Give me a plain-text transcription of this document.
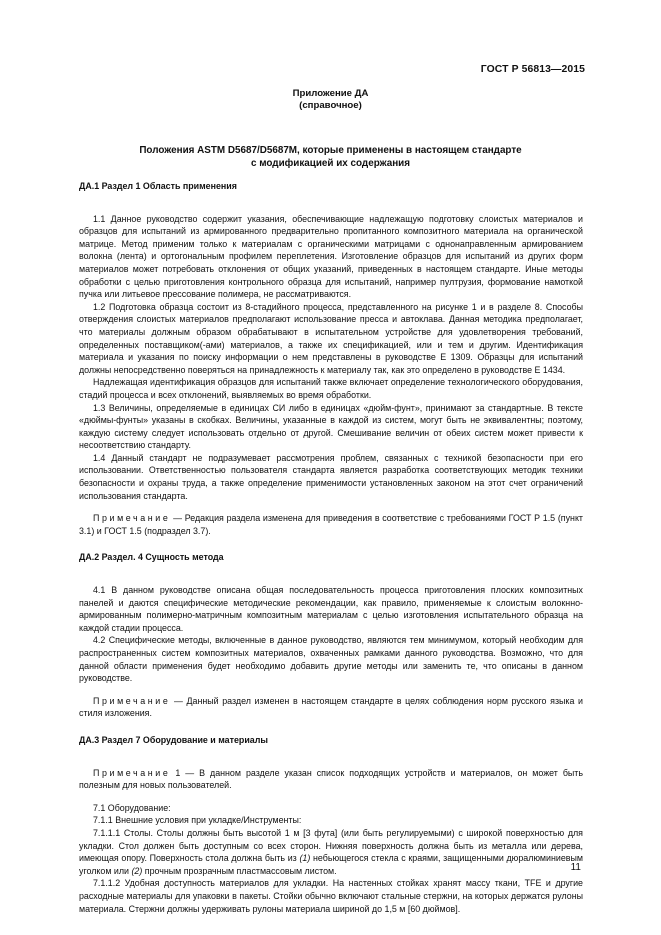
ГОСТ Р 56813—2015
Приложение ДА
(справочное)
Положения ASTM D5687/D5687M, которые применены в настоящем стандарте
с модификацией их содержания
ДА.1 Раздел 1 Область применения

1.1 Данное руководство содержит указания, обеспечивающие надлежащую подготовку слоистых материалов и образцов для испытаний из армированного предварительно пропитанного композитного материала на органической матрице. Метод применим только к материалам с органическими матрицами с однонаправленным армированием волокна (лента) и ортогональным профилем переплетения. Изготовление образцов для испытаний из других форм материалов может потребовать отклонения от общих указаний, приведенных в настоящем стандарте. Иные методы обработки с целью приготовления контрольного образца для испытаний, например пултрузия, формование намоткой пучка или литьевое прессование полимера, не рассматриваются.

1.2 Подготовка образца состоит из 8-стадийного процесса, представленного на рисунке 1 и в разделе 8. Способы отверждения слоистых материалов предполагают использование пресса и автоклава. Данная методика предполагает, что материалы должным образом обрабатывают в испытательном устройстве для удовлетворения требований, определенных поставщиком(-ами) материалов, а также их спецификацией, или и тем и другим. Идентификация материала и указания по поиску информации о нем представлены в руководстве E 1309. Образцы для испытаний должны непосредственно поверяться на принадлежность к материалу так, как это определено в руководстве E 1434.

Надлежащая идентификация образцов для испытаний также включает определение технологического оборудования, стадий процесса и всех отклонений, выявляемых во время обработки.

1.3 Величины, определяемые в единицах СИ либо в единицах «дюйм-фунт», принимают за стандартные. В тексте «дюймы-фунты» указаны в скобках. Величины, указанные в каждой из систем, могут быть не эквивалентны; поэтому, каждую систему следует использовать отдельно от другой. Смешивание величин от обеих систем может привести к несоответствию стандарту.

1.4 Данный стандарт не подразумевает рассмотрения проблем, связанных с техникой безопасности при его использовании. Ответственностью пользователя стандарта является разработка соответствующих методик техники безопасности и охраны труда, а также определение применимости установленных законом на этот счет ограничений использования стандарта.

Примечание — Редакция раздела изменена для приведения в соответствие с требованиями ГОСТ Р 1.5 (пункт 3.1) и ГОСТ 1.5 (подраздел 3.7).

ДА.2 Раздел. 4 Сущность метода

4.1 В данном руководстве описана общая последовательность процесса приготовления плоских композитных панелей и даются специфические методические рекомендации, как правило, применяемые к слоистым волокнно-армированным полимерно-матричным композитным материалам с целью изготовления испытательного образца на каждой стадии процесса.

4.2 Специфические методы, включенные в данное руководство, являются тем минимумом, который необходим для распространенных систем композитных материалов, охваченных рамками данного руководства. Возможно, что для данной области применения будет необходимо добавить другие методы или заменить те, что описаны в данном руководстве.

Примечание — Данный раздел изменен в настоящем стандарте в целях соблюдения норм русского языка и стиля изложения.

ДА.3 Раздел 7 Оборудование и материалы

Примечание 1 — В данном разделе указан список подходящих устройств и материалов, он может быть полезным для новых пользователей.

7.1 Оборудование:

7.1.1 Внешние условия при укладке/Инструменты:

7.1.1.1 Столы. Столы должны быть высотой 1 м [3 фута] (или быть регулируемыми) с широкой поверхностью для укладки. Стол должен быть доступным со всех сторон. Нижняя поверхность должна быть из металла или дерева, имеющая опору. Поверхность стола должна быть из (1) небьющегося стекла с краями, защищенными дюралюминиевым уголком или (2) прочным прозрачным пластмассовым листом.

7.1.1.2 Удобная доступность материалов для укладки. На настенных стойках хранят массу ткани, TFE и другие расходные материалы для упаковки в пакеты. Стойки обычно включают стальные стержни, на которых держатся рулоны материала. Стержни должны удерживать рулоны материала шириной до 1,5 м [60 дюймов].

11
